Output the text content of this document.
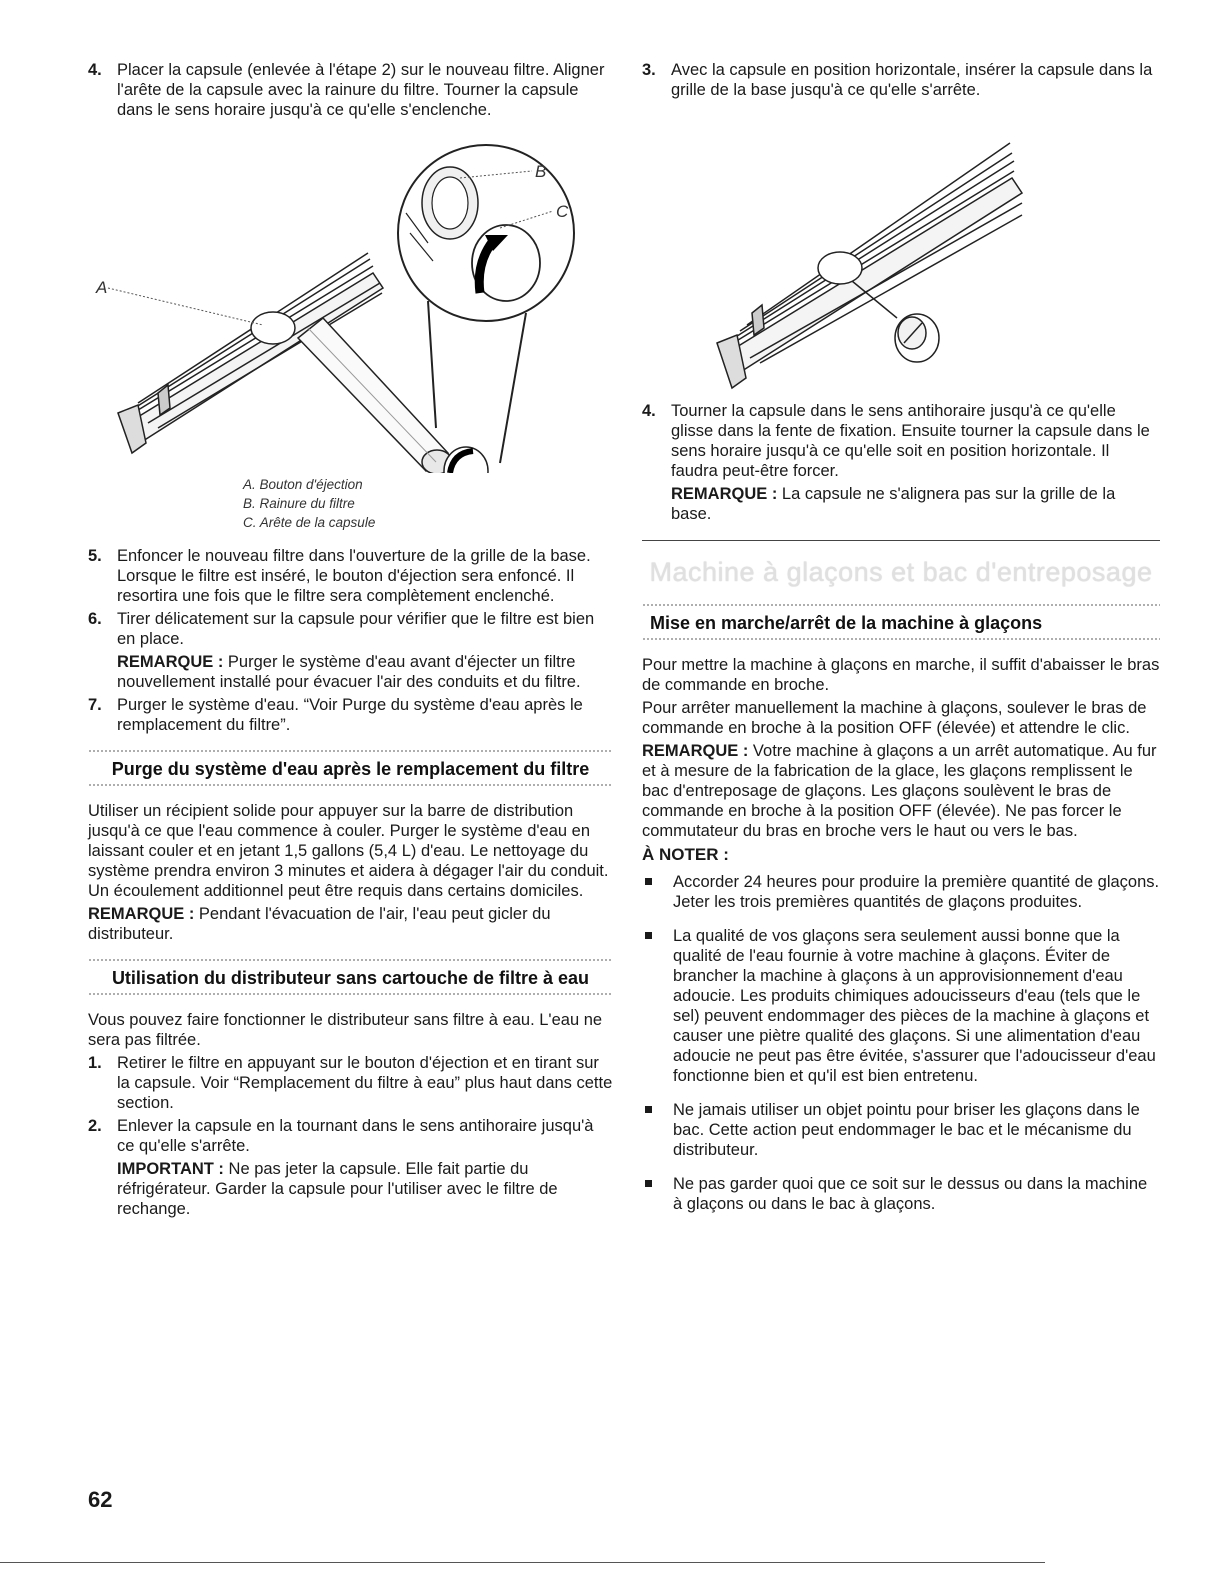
4. Placer la capsule (enlevée à l'étape 2) sur le nouveau filtre. Aligner l'arête de la capsule avec la rainure du filtre. Tourner la capsule dans le sens horaire jusqu'à ce qu'elle s'enclenche.

A
B
C
A. Bouton d'éjection
B. Rainure du filtre
C. Arête de la capsule

5. Enfoncer le nouveau filtre dans l'ouverture de la grille de la base. Lorsque le filtre est inséré, le bouton d'éjection sera enfoncé. Il resortira une fois que le filtre sera complètement enclenché.

6. Tirer délicatement sur la capsule pour vérifier que le filtre est bien en place.

REMARQUE : Purger le système d'eau avant d'éjecter un filtre nouvellement installé pour évacuer l'air des conduits et du filtre.

7. Purger le système d'eau. “Voir Purge du système d'eau après le remplacement du filtre”.

Purge du système d'eau après le remplacement du filtre

Utiliser un récipient solide pour appuyer sur la barre de distribution jusqu'à ce que l'eau commence à couler. Purger le système d'eau en laissant couler et en jetant 1,5 gallons (5,4 L) d'eau. Le nettoyage du système prendra environ 3 minutes et aidera à dégager l'air du conduit. Un écoulement additionnel peut être requis dans certains domiciles.

REMARQUE : Pendant l'évacuation de l'air, l'eau peut gicler du distributeur.

Utilisation du distributeur sans cartouche de filtre à eau

Vous pouvez faire fonctionner le distributeur sans filtre à eau. L'eau ne sera pas filtrée.

1. Retirer le filtre en appuyant sur le bouton d'éjection et en tirant sur la capsule. Voir “Remplacement du filtre à eau” plus haut dans cette section.

2. Enlever la capsule en la tournant dans le sens antihoraire jusqu'à ce qu'elle s'arrête.

IMPORTANT : Ne pas jeter la capsule. Elle fait partie du réfrigérateur. Garder la capsule pour l'utiliser avec le filtre de rechange.

3. Avec la capsule en position horizontale, insérer la capsule dans la grille de la base jusqu'à ce qu'elle s'arrête.

4. Tourner la capsule dans le sens antihoraire jusqu'à ce qu'elle glisse dans la fente de fixation. Ensuite tourner la capsule dans le sens horaire jusqu'à ce qu'elle soit en position horizontale. Il faudra peut-être forcer.

REMARQUE : La capsule ne s'alignera pas sur la grille de la base.

Machine à glaçons et bac d'entreposage
Mise en marche/arrêt de la machine à glaçons

Pour mettre la machine à glaçons en marche, il suffit d'abaisser le bras de commande en broche.

Pour arrêter manuellement la machine à glaçons, soulever le bras de commande en broche à la position OFF (élevée) et attendre le clic.

REMARQUE : Votre machine à glaçons a un arrêt automatique. Au fur et à mesure de la fabrication de la glace, les glaçons remplissent le bac d'entreposage de glaçons. Les glaçons soulèvent le bras de commande en broche à la position OFF (élevée). Ne pas forcer le commutateur du bras en broche vers le haut ou vers le bas.

À NOTER :

Accorder 24 heures pour produire la première quantité de glaçons. Jeter les trois premières quantités de glaçons produites.
La qualité de vos glaçons sera seulement aussi bonne que la qualité de l'eau fournie à votre machine à glaçons. Éviter de brancher la machine à glaçons à un approvisionnement d'eau adoucie. Les produits chimiques adoucisseurs d'eau (tels que le sel) peuvent endommager des pièces de la machine à glaçons et causer une piètre qualité des glaçons. Si une alimentation d'eau adoucie ne peut pas être évitée, s'assurer que l'adoucisseur d'eau fonctionne bien et qu'il est bien entretenu.
Ne jamais utiliser un objet pointu pour briser les glaçons dans le bac. Cette action peut endommager le bac et le mécanisme du distributeur.
Ne pas garder quoi que ce soit sur le dessus ou dans la machine à glaçons ou dans le bac à glaçons.
62
